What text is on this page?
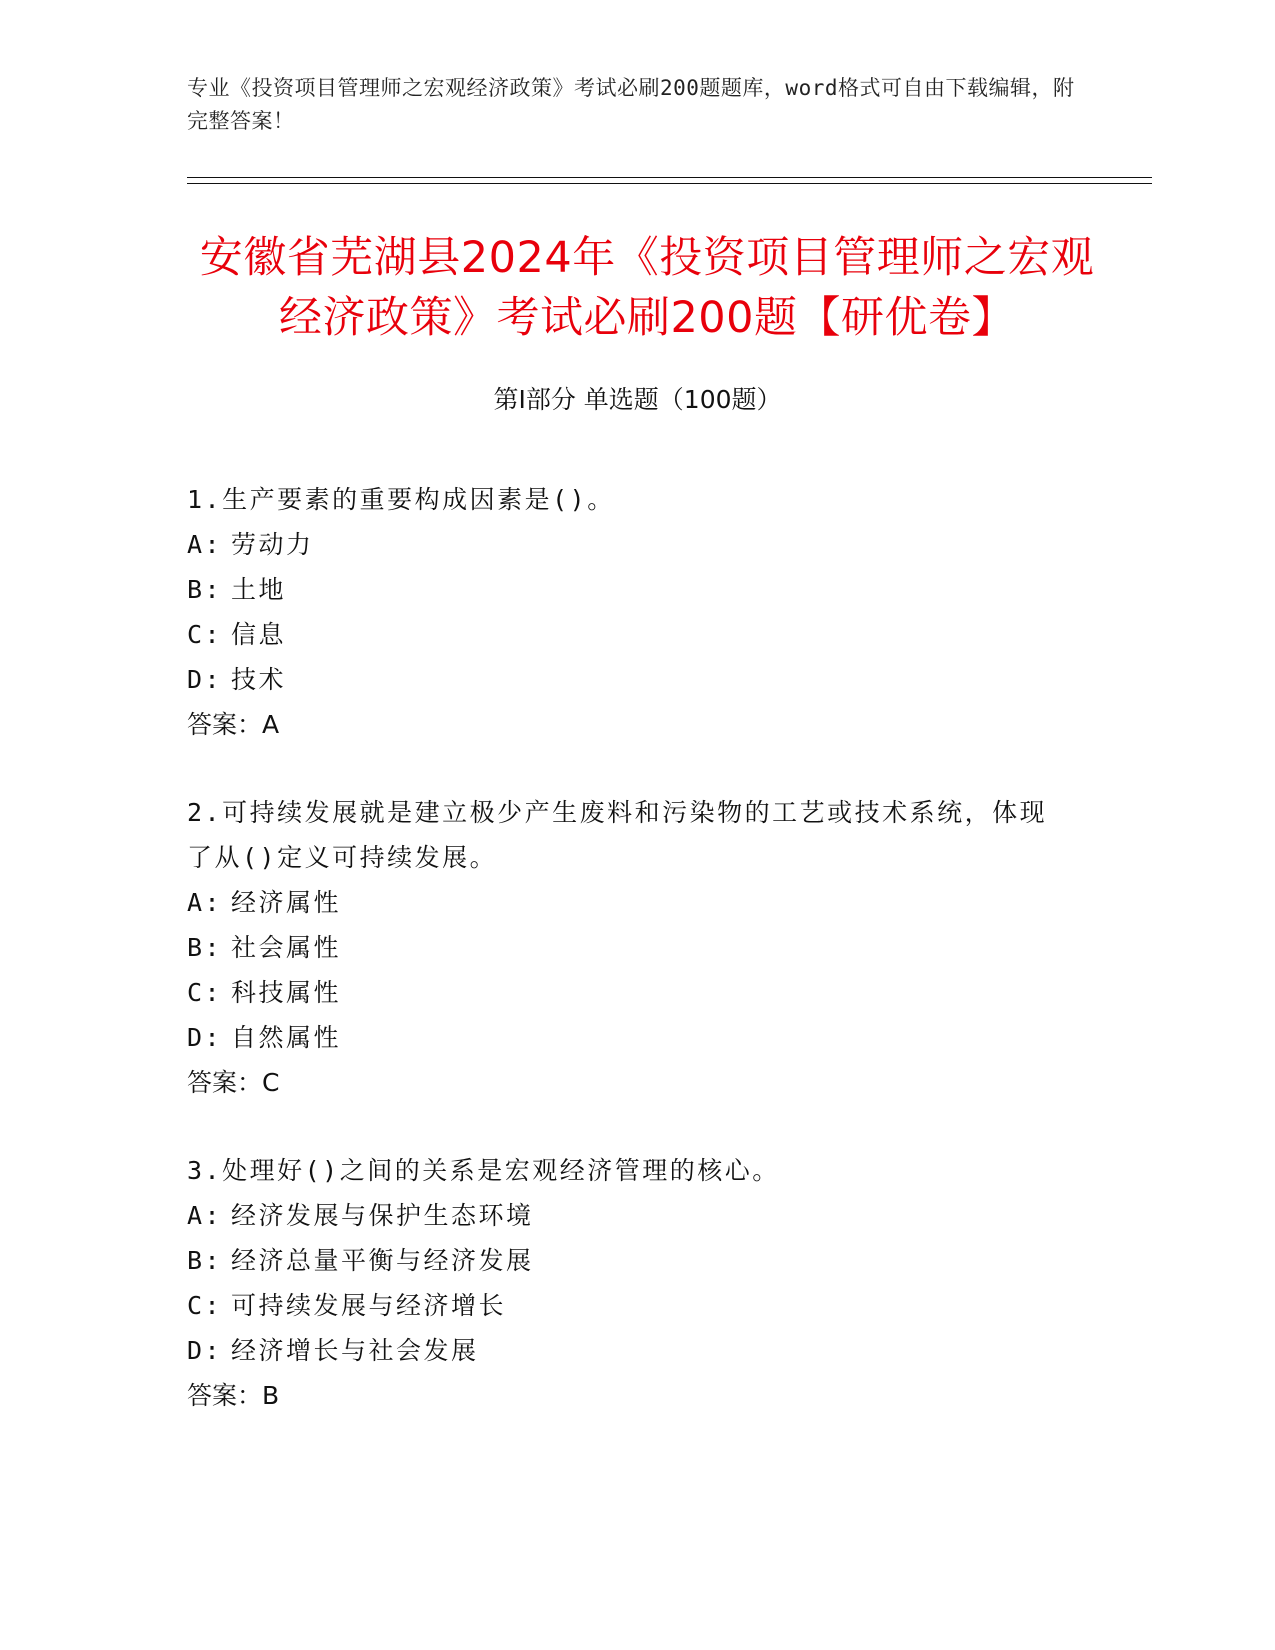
专业《投资项目管理师之宏观经济政策》考试必刷200题题库，word格式可自由下载编辑，附完整答案！
安徽省芜湖县2024年《投资项目管理师之宏观经济政策》考试必刷200题【研优卷】
第Ⅰ部分 单选题（100题）

1.生产要素的重要构成因素是()。

A: 劳动力

B: 土地

C: 信息

D: 技术

答案：A

2.可持续发展就是建立极少产生废料和污染物的工艺或技术系统，体现了从()定义可持续发展。

A: 经济属性

B: 社会属性

C: 科技属性

D: 自然属性

答案：C

3.处理好()之间的关系是宏观经济管理的核心。

A: 经济发展与保护生态环境

B: 经济总量平衡与经济发展

C: 可持续发展与经济增长

D: 经济增长与社会发展

答案：B
